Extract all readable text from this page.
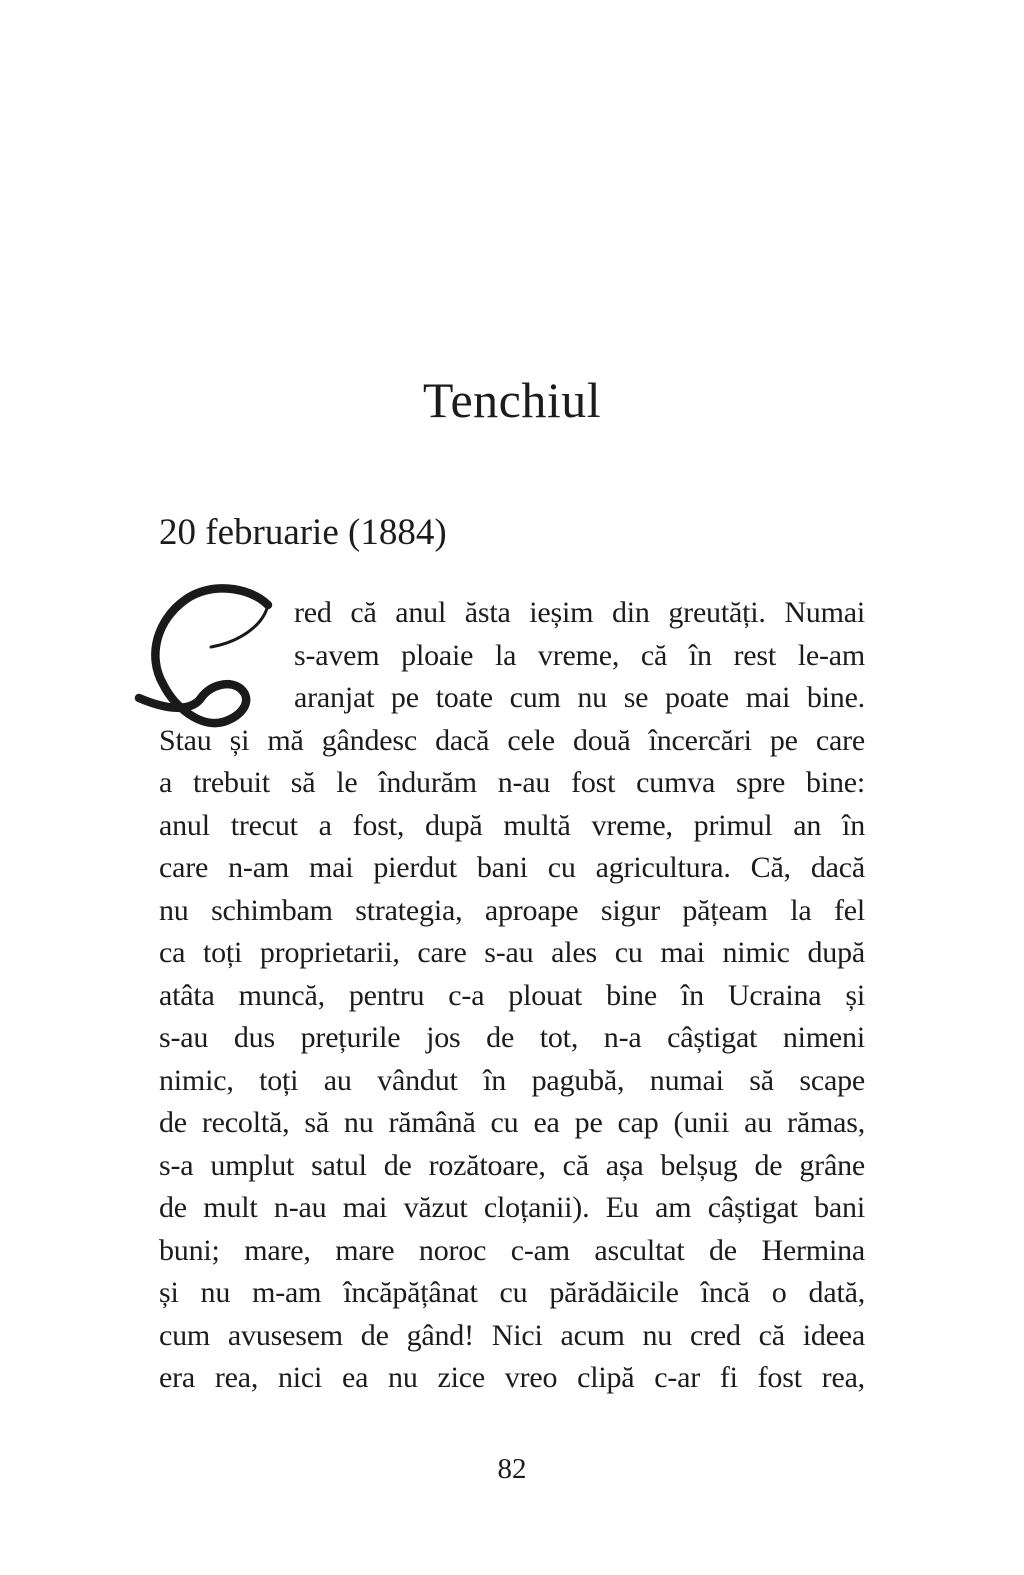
Tenchiul
20 februarie (1884)
red că anul ăsta ieșim din greutăți. Numai
s-avem ploaie la vreme, că în rest le-am
aranjat pe toate cum nu se poate mai bine.
Stau și mă gândesc dacă cele două încercări pe care
a trebuit să le îndurăm n-au fost cumva spre bine:
anul trecut a fost, după multă vreme, primul an în
care n-am mai pierdut bani cu agricultura. Că, dacă
nu schimbam strategia, aproape sigur pățeam la fel
ca toți proprietarii, care s-au ales cu mai nimic după
atâta muncă, pentru c-a plouat bine în Ucraina și
s-au dus prețurile jos de tot, n-a câștigat nimeni
nimic, toți au vândut în pagubă, numai să scape
de recoltă, să nu rămână cu ea pe cap (unii au rămas,
s-a umplut satul de rozătoare, că așa belșug de grâne
de mult n-au mai văzut cloțanii). Eu am câștigat bani
buni; mare, mare noroc c-am ascultat de Hermina
și nu m-am încăpățânat cu părădăicile încă o dată,
cum avusesem de gând! Nici acum nu cred că ideea
era rea, nici ea nu zice vreo clipă c-ar fi fost rea,
82
